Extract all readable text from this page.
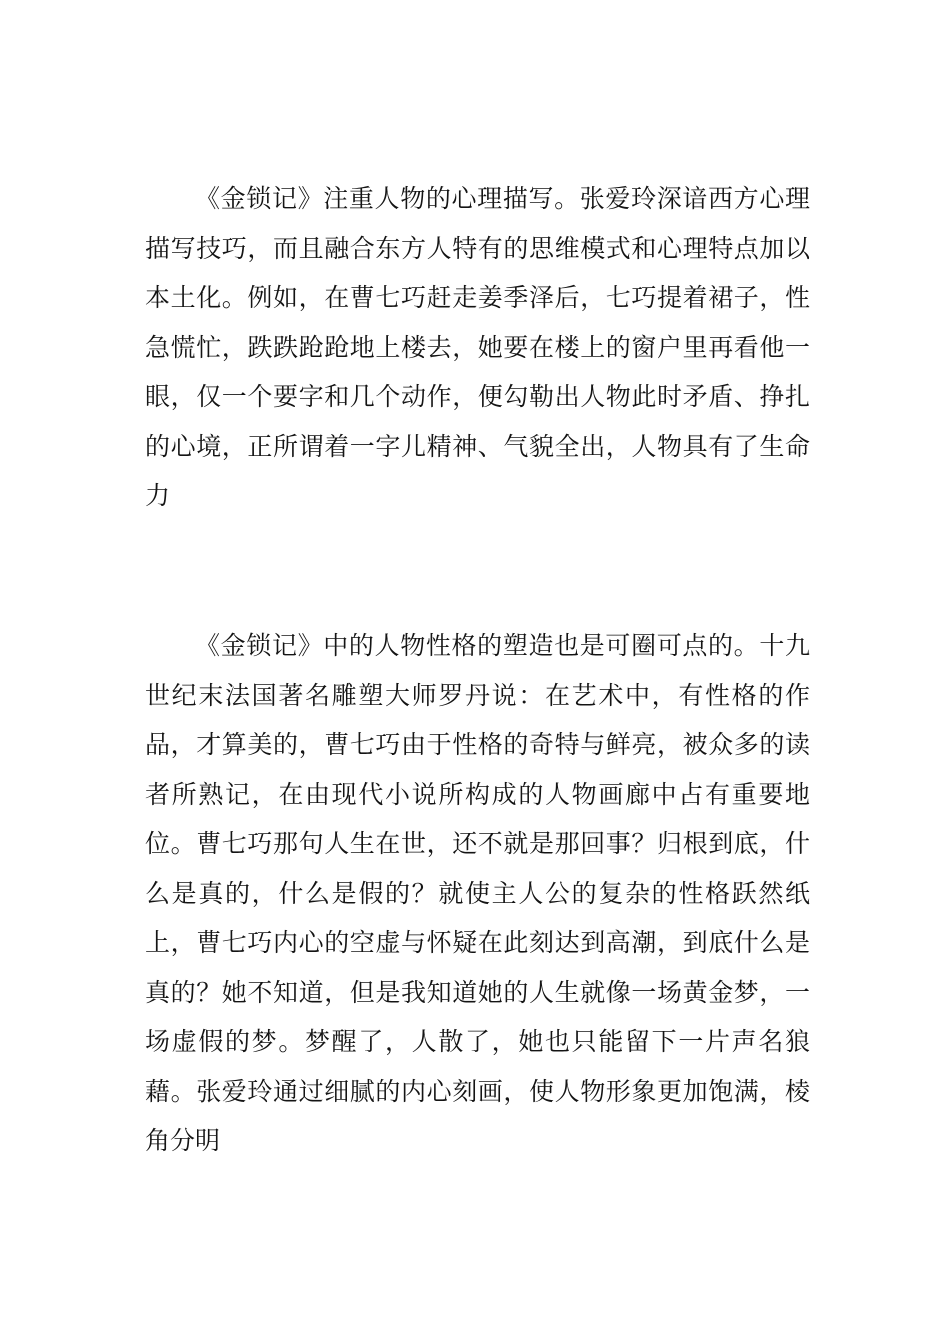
《金锁记》注重人物的心理描写。张爱玲深谙西方心理描写技巧，而且融合东方人特有的思维模式和心理特点加以本土化。例如，在曹七巧赶走姜季泽后，七巧提着裙子，性急慌忙，跌跌跄跄地上楼去，她要在楼上的窗户里再看他一眼，仅一个要字和几个动作，便勾勒出人物此时矛盾、挣扎的心境，正所谓着一字儿精神、气貌全出，人物具有了生命力

《金锁记》中的人物性格的塑造也是可圈可点的。十九世纪末法国著名雕塑大师罗丹说：在艺术中，有性格的作品，才算美的，曹七巧由于性格的奇特与鲜亮，被众多的读者所熟记，在由现代小说所构成的人物画廊中占有重要地位。曹七巧那句人生在世，还不就是那回事？归根到底，什么是真的，什么是假的？就使主人公的复杂的性格跃然纸上，曹七巧内心的空虚与怀疑在此刻达到高潮，到底什么是真的？她不知道，但是我知道她的人生就像一场黄金梦，一场虚假的梦。梦醒了，人散了，她也只能留下一片声名狼藉。张爱玲通过细腻的内心刻画，使人物形象更加饱满，棱角分明
